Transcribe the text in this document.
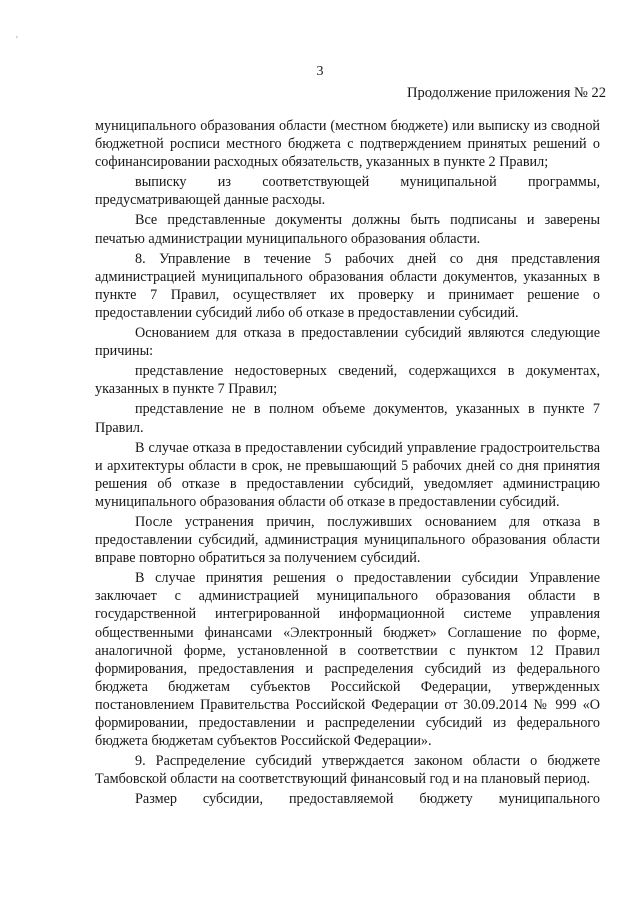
'
3
Продолжение приложения № 22

муниципального образования области (местном бюджете) или выписку из сводной бюджетной росписи местного бюджета с подтверждением принятых решений о софинансировании расходных обязательств, указанных в пункте 2 Правил;

выписку из соответствующей муниципальной программы, предусматривающей данные расходы.

Все представленные документы должны быть подписаны и заверены печатью администрации муниципального образования области.

8. Управление в течение 5 рабочих дней со дня представления администрацией муниципального образования области документов, указанных в пункте 7 Правил, осуществляет их проверку и принимает решение о предоставлении субсидий либо об отказе в предоставлении субсидий.

Основанием для отказа в предоставлении субсидий являются следующие причины:

представление недостоверных сведений, содержащихся в документах, указанных в пункте 7 Правил;

представление не в полном объеме документов, указанных в пункте 7 Правил.

В случае отказа в предоставлении субсидий управление градостроительства и архитектуры области в срок, не превышающий 5 рабочих дней со дня принятия решения об отказе в предоставлении субсидий, уведомляет администрацию муниципального образования области об отказе в предоставлении субсидий.

После устранения причин, послуживших основанием для отказа в предоставлении субсидий, администрация муниципального образования области вправе повторно обратиться за получением субсидий.

В случае принятия решения о предоставлении субсидии Управление заключает с администрацией муниципального образования области в государственной интегрированной информационной системе управления общественными финансами «Электронный бюджет» Соглашение по форме, аналогичной форме, установленной в соответствии с пунктом 12 Правил формирования, предоставления и распределения субсидий из федерального бюджета бюджетам субъектов Российской Федерации, утвержденных постановлением Правительства Российской Федерации от 30.09.2014 № 999 «О формировании, предоставлении и распределении субсидий из федерального бюджета бюджетам субъектов Российской Федерации».

9. Распределение субсидий утверждается законом области о бюджете Тамбовской области на соответствующий финансовый год и на плановый период.

Размер субсидии, предоставляемой бюджету муниципального
